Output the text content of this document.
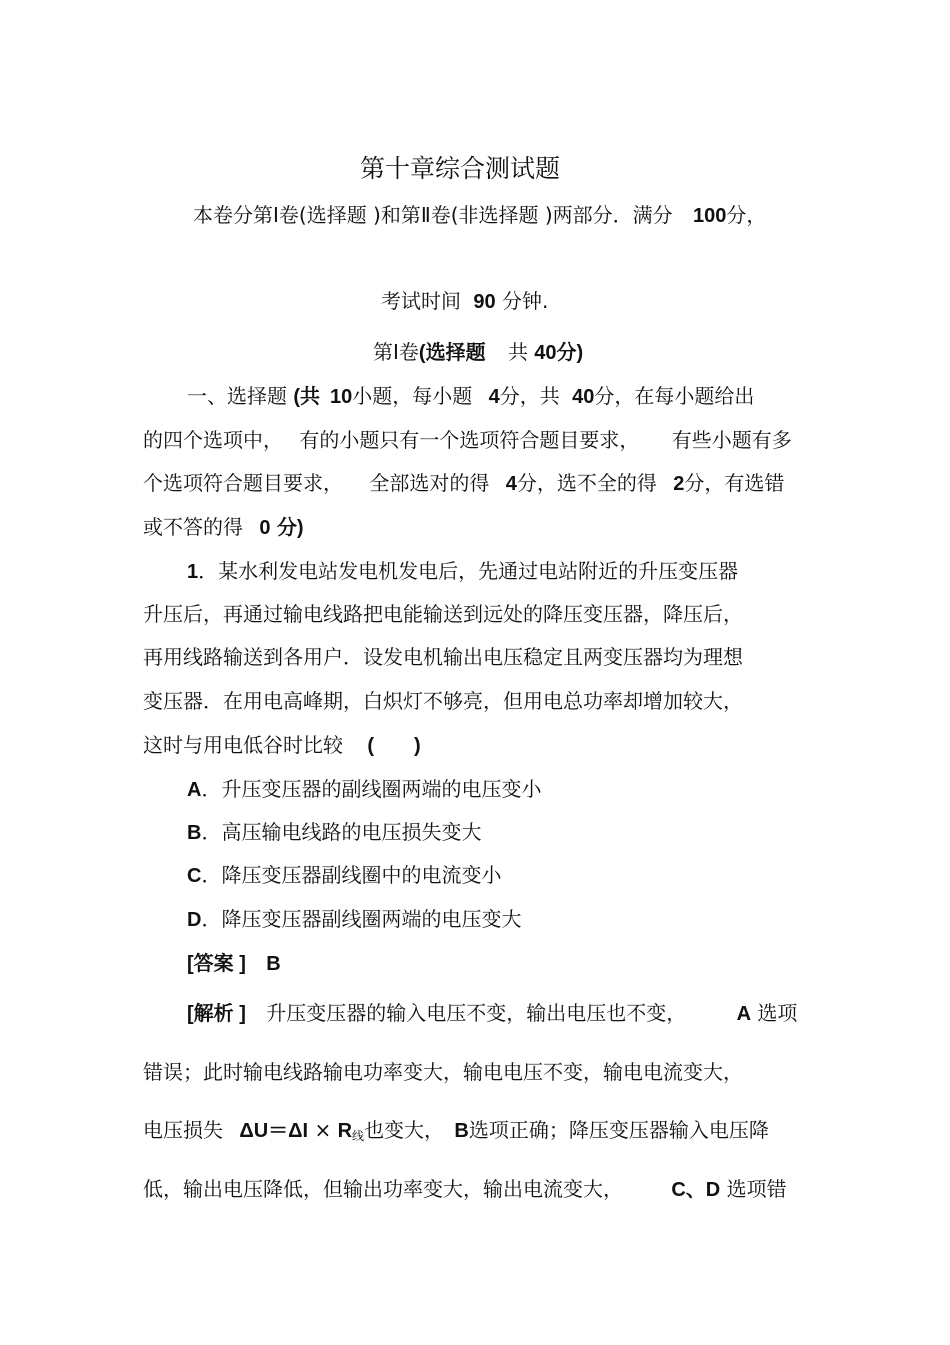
第十章综合测试题
本卷分第Ⅰ卷(选择题 )和第Ⅱ卷(非选择题 )两部分．满分 100分，
考试时间 90 分钟.
第Ⅰ卷(选择题 共 40分)
一、选择题 (共 10小题，每小题 4分，共 40分，在每小题给出
的四个选项中， 有的小题只有一个选项符合题目要求， 有些小题有多
个选项符合题目要求， 全部选对的得 4分，选不全的得 2分，有选错
或不答的得 0 分)
1．某水利发电站发电机发电后，先通过电站附近的升压变压器
升压后，再通过输电线路把电能输送到远处的降压变压器，降压后，
再用线路输送到各用户．设发电机输出电压稳定且两变压器均为理想
变压器．在用电高峰期，白炽灯不够亮，但用电总功率却增加较大，
这时与用电低谷时比较 (　　)
A．升压变压器的副线圈两端的电压变小
B．高压输电线路的电压损失变大
C．降压变压器副线圈中的电流变小
D．降压变压器副线圈两端的电压变大
[答案 ] B
[解析 ] 升压变压器的输入电压不变，输出电压也不变，	A 选项
错误；此时输电线路输电功率变大，输电电压不变，输电电流变大，
电压损失 $\Delta U=\Delta I \times R_线$也变大， B选项正确；降压变压器输入电压降
低，输出电压降低，但输出功率变大，输出电流变大， C、D 选项错
